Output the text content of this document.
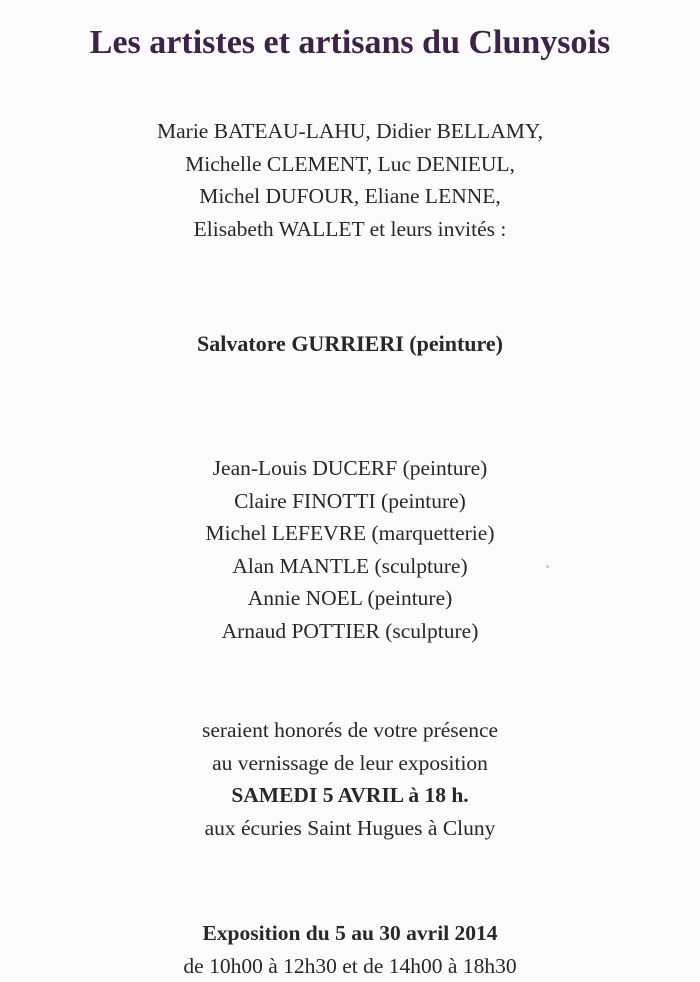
Les artistes et artisans du Clunysois
Marie BATEAU-LAHU, Didier BELLAMY,
Michelle CLEMENT, Luc DENIEUL,
Michel DUFOUR, Eliane LENNE,
Elisabeth WALLET et leurs invités :
Salvatore GURRIERI (peinture)
Jean-Louis DUCERF (peinture)
Claire FINOTTI (peinture)
Michel LEFEVRE (marquetterie)
Alan MANTLE (sculpture)
Annie NOEL (peinture)
Arnaud POTTIER (sculpture)
seraient honorés de votre présence
au vernissage de leur exposition
SAMEDI 5 AVRIL à 18 h.
aux écuries Saint Hugues à Cluny
Exposition du 5 au 30 avril 2014
de 10h00 à 12h30 et de 14h00 à 18h30
